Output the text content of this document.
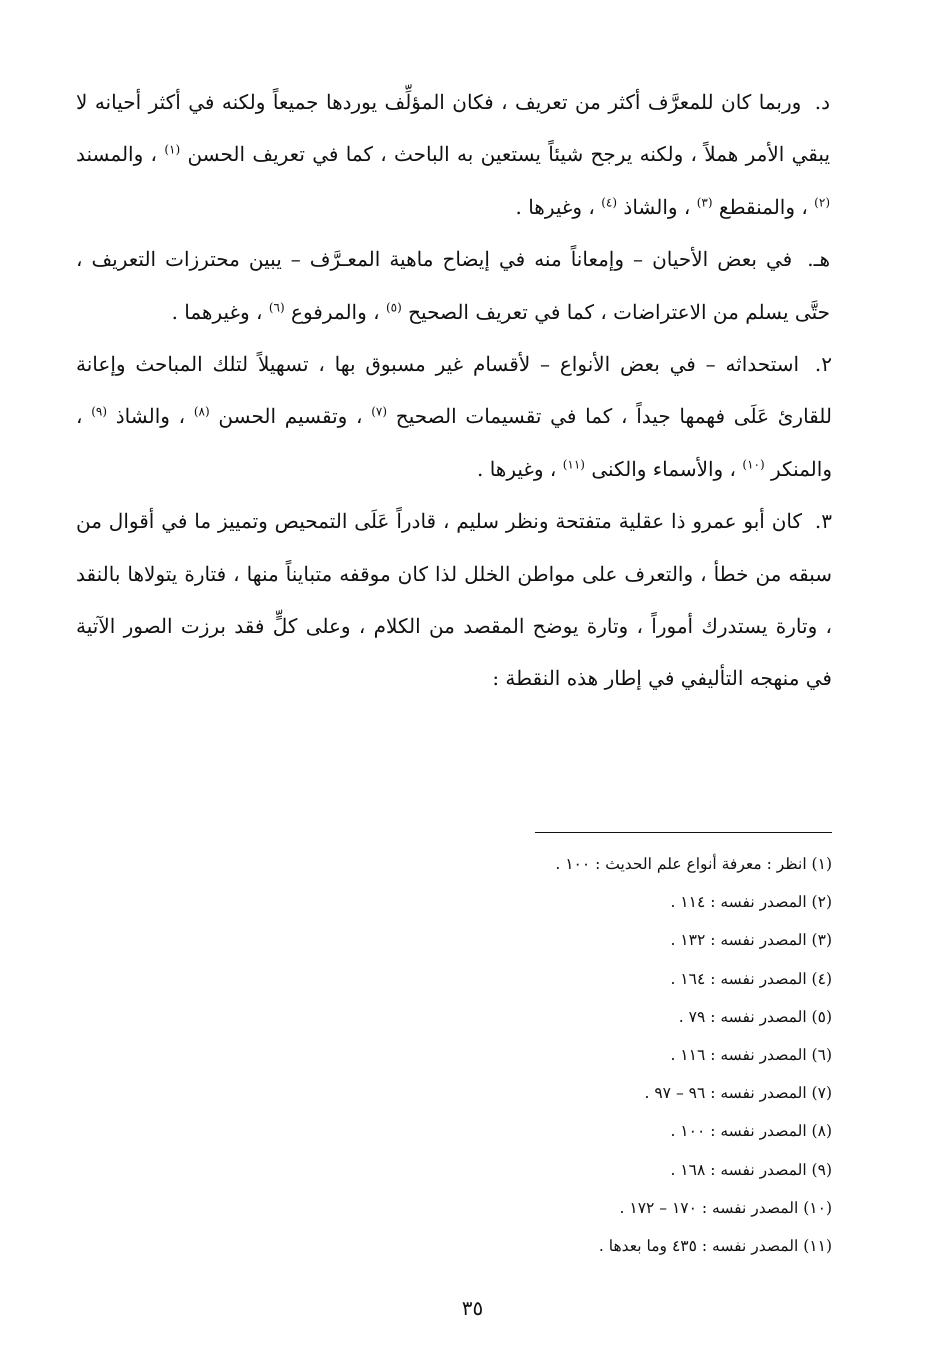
د. وربما كان للمعرَّف أكثر من تعريف ، فكان المؤلِّف يوردها جميعاً ولكنه في أكثر أحيانه لا يبقي الأمر هملاً ، ولكنه يرجح شيئاً يستعين به الباحث ، كما في تعريف الحسن $^{(١)}$ ، والمسند $^{(٢)}$ ، والمنقطع $^{(٣)}$ ، والشاذ $^{(٤)}$ ، وغيرها .

هـ. في بعض الأحيان – وإمعاناً منه في إيضاح ماهية المعـرَّف – يبين محترزات التعريف ، حتَّى يسلم من الاعتراضات ، كما في تعريف الصحيح $^{(٥)}$ ، والمرفوع $^{(٦)}$ ، وغيرهما .

٢. استحداثه – في بعض الأنواع – لأقسام غير مسبوق بها ، تسهيلاً لتلك المباحث وإعانة للقارئ عَلَى فهمها جيداً ، كما في تقسيمات الصحيح $^{(٧)}$ ، وتقسيم الحسن $^{(٨)}$ ، والشاذ $^{(٩)}$ ، والمنكر $^{(١٠)}$ ، والأسماء والكنى $^{(١١)}$ ، وغيرها .

٣. كان أبو عمرو ذا عقلية متفتحة ونظر سليم ، قادراً عَلَى التمحيص وتمييز ما في أقوال من سبقه من خطأ ، والتعرف على مواطن الخلل لذا كان موقفه متبايناً منها ، فتارة يتولاها بالنقد ، وتارة يستدرك أموراً ، وتارة يوضح المقصد من الكلام ، وعلى كلٍّ فقد برزت الصور الآتية في منهجه التأليفي في إطار هذه النقطة :

(١) انظر : معرفة أنواع علم الحديث : ١٠٠ .

(٢) المصدر نفسه : ١١٤ .

(٣) المصدر نفسه : ١٣٢ .

(٤) المصدر نفسه : ١٦٤ .

(٥) المصدر نفسه : ٧٩ .

(٦) المصدر نفسه : ١١٦ .

(٧) المصدر نفسه : ٩٦ – ٩٧ .

(٨) المصدر نفسه : ١٠٠ .

(٩) المصدر نفسه : ١٦٨ .

(١٠) المصدر نفسه : ١٧٠ – ١٧٢ .

(١١) المصدر نفسه : ٤٣٥ وما بعدها .

٣٥
